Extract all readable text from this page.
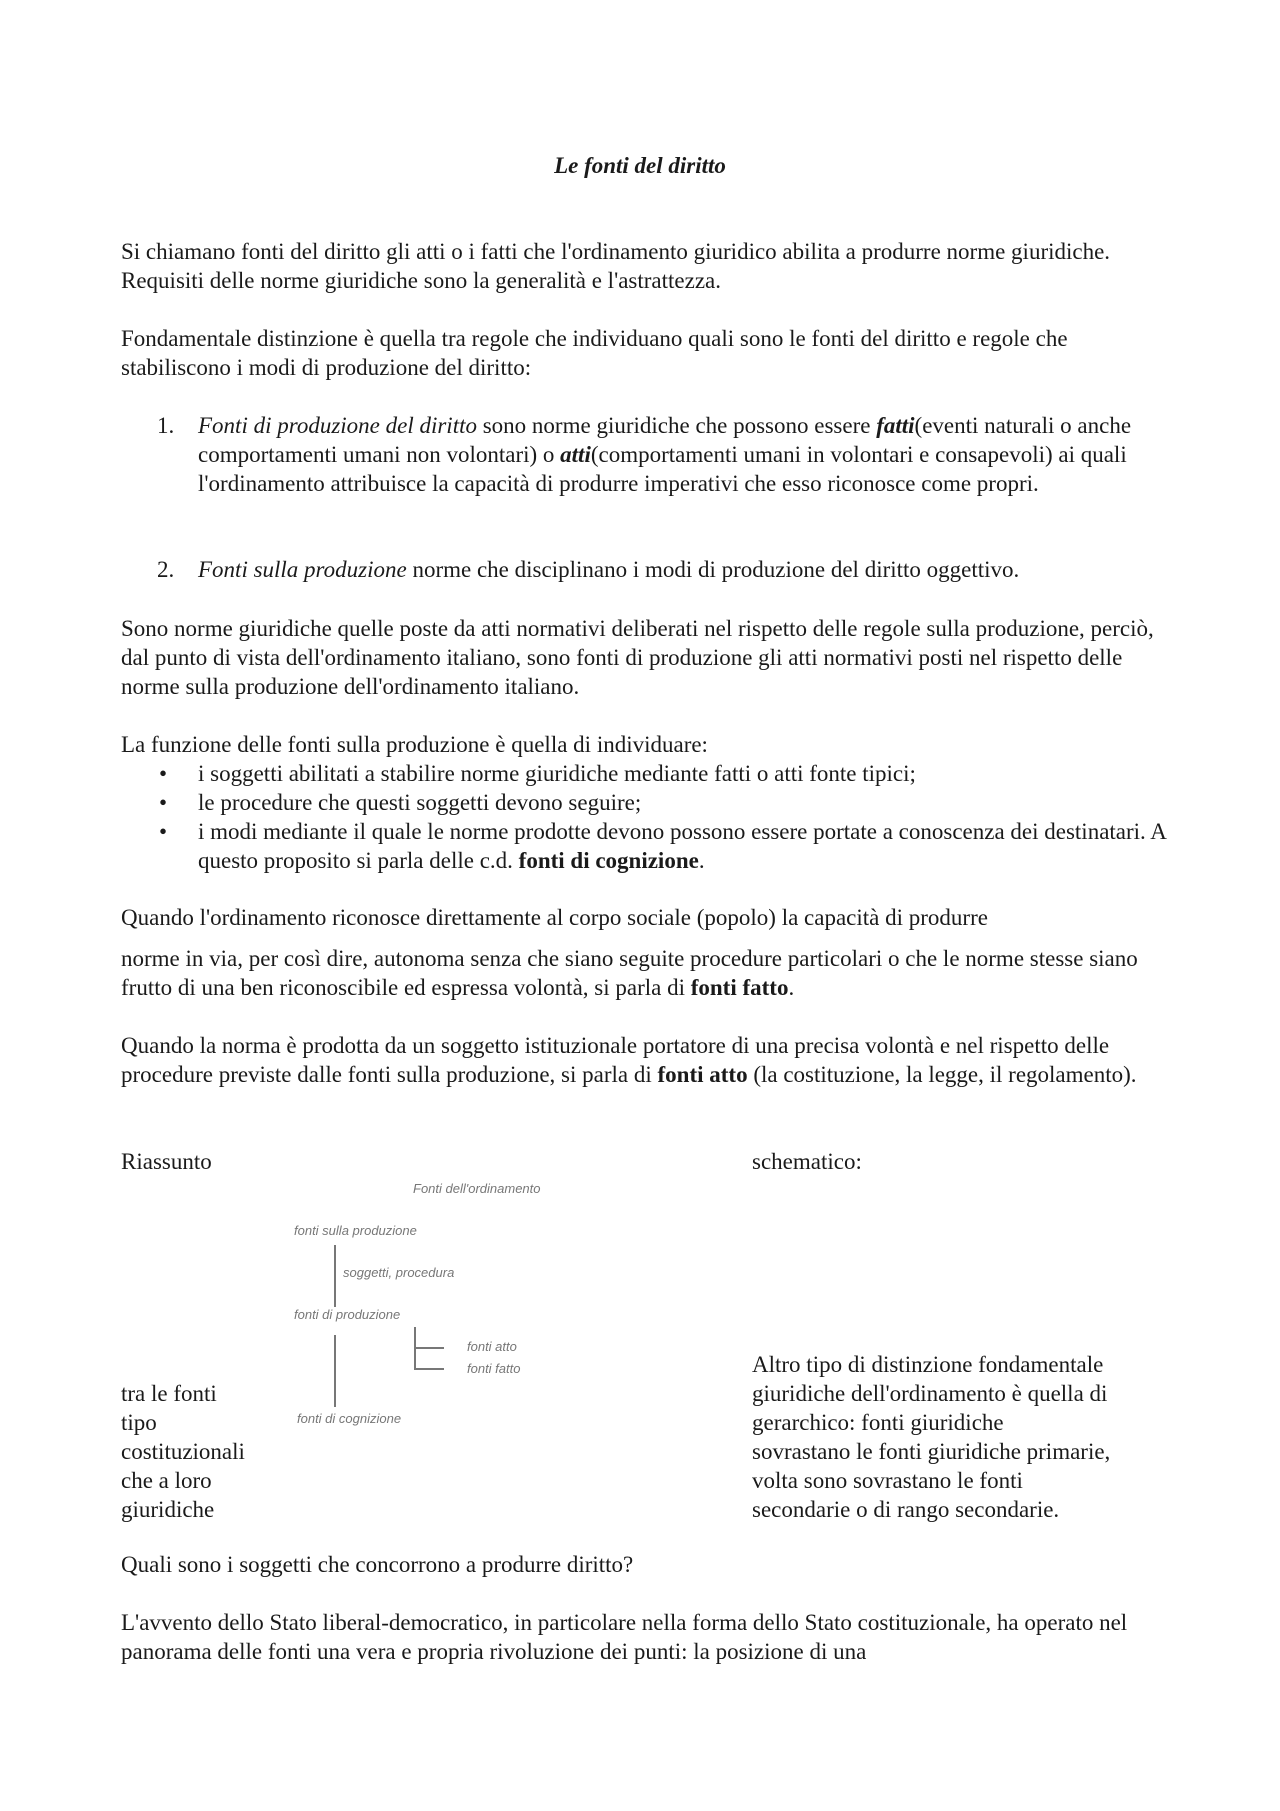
Le fonti del diritto
Si chiamano fonti del diritto gli atti o i fatti che l'ordinamento giuridico abilita a produrre norme giuridiche. Requisiti delle norme giuridiche sono la generalità e l'astrattezza.
Fondamentale distinzione è quella tra regole che individuano quali sono le fonti del diritto e regole che stabiliscono i modi di produzione del diritto:
1. Fonti di produzione del diritto sono norme giuridiche che possono essere fatti(eventi naturali o anche comportamenti umani non volontari) o atti(comportamenti umani in volontari e consapevoli) ai quali l'ordinamento attribuisce la capacità di produrre imperativi che esso riconosce come propri.
2. Fonti sulla produzione norme che disciplinano i modi di produzione del diritto oggettivo.
Sono norme giuridiche quelle poste da atti normativi deliberati nel rispetto delle regole sulla produzione, perciò, dal punto di vista dell'ordinamento italiano, sono fonti di produzione gli atti normativi posti nel rispetto delle norme sulla produzione dell'ordinamento italiano.
La funzione delle fonti sulla produzione è quella di individuare:
• i soggetti abilitati a stabilire norme giuridiche mediante fatti o atti fonte tipici;
• le procedure che questi soggetti devono seguire;
• i modi mediante il quale le norme prodotte devono possono essere portate a conoscenza dei destinatari. A questo proposito si parla delle c.d. fonti di cognizione.
Quando l'ordinamento riconosce direttamente al corpo sociale (popolo) la capacità di produrre
norme in via, per così dire, autonoma senza che siano seguite procedure particolari o che le norme stesse siano frutto di una ben riconoscibile ed espressa volontà, si parla di fonti fatto.
Quando la norma è prodotta da un soggetto istituzionale portatore di una precisa volontà e nel rispetto delle procedure previste dalle fonti sulla produzione, si parla di fonti atto (la costituzione, la legge, il regolamento).
Riassunto	schematico:
Fonti dell'ordinamento
fonti sulla produzione
soggetti, procedura
fonti di produzione
fonti atto
fonti fatto
fonti di cognizione
tra le fonti
tipo
costituzionali
che a loro
giuridiche
Altro tipo di distinzione fondamentale
giuridiche dell'ordinamento è quella di
gerarchico: fonti giuridiche
sovrastano le fonti giuridiche primarie,
volta sono sovrastano le fonti
secondarie o di rango secondarie.
Quali sono i soggetti che concorrono a produrre diritto?
L'avvento dello Stato liberal-democratico, in particolare nella forma dello Stato costituzionale, ha operato nel panorama delle fonti una vera e propria rivoluzione dei punti: la posizione di una
